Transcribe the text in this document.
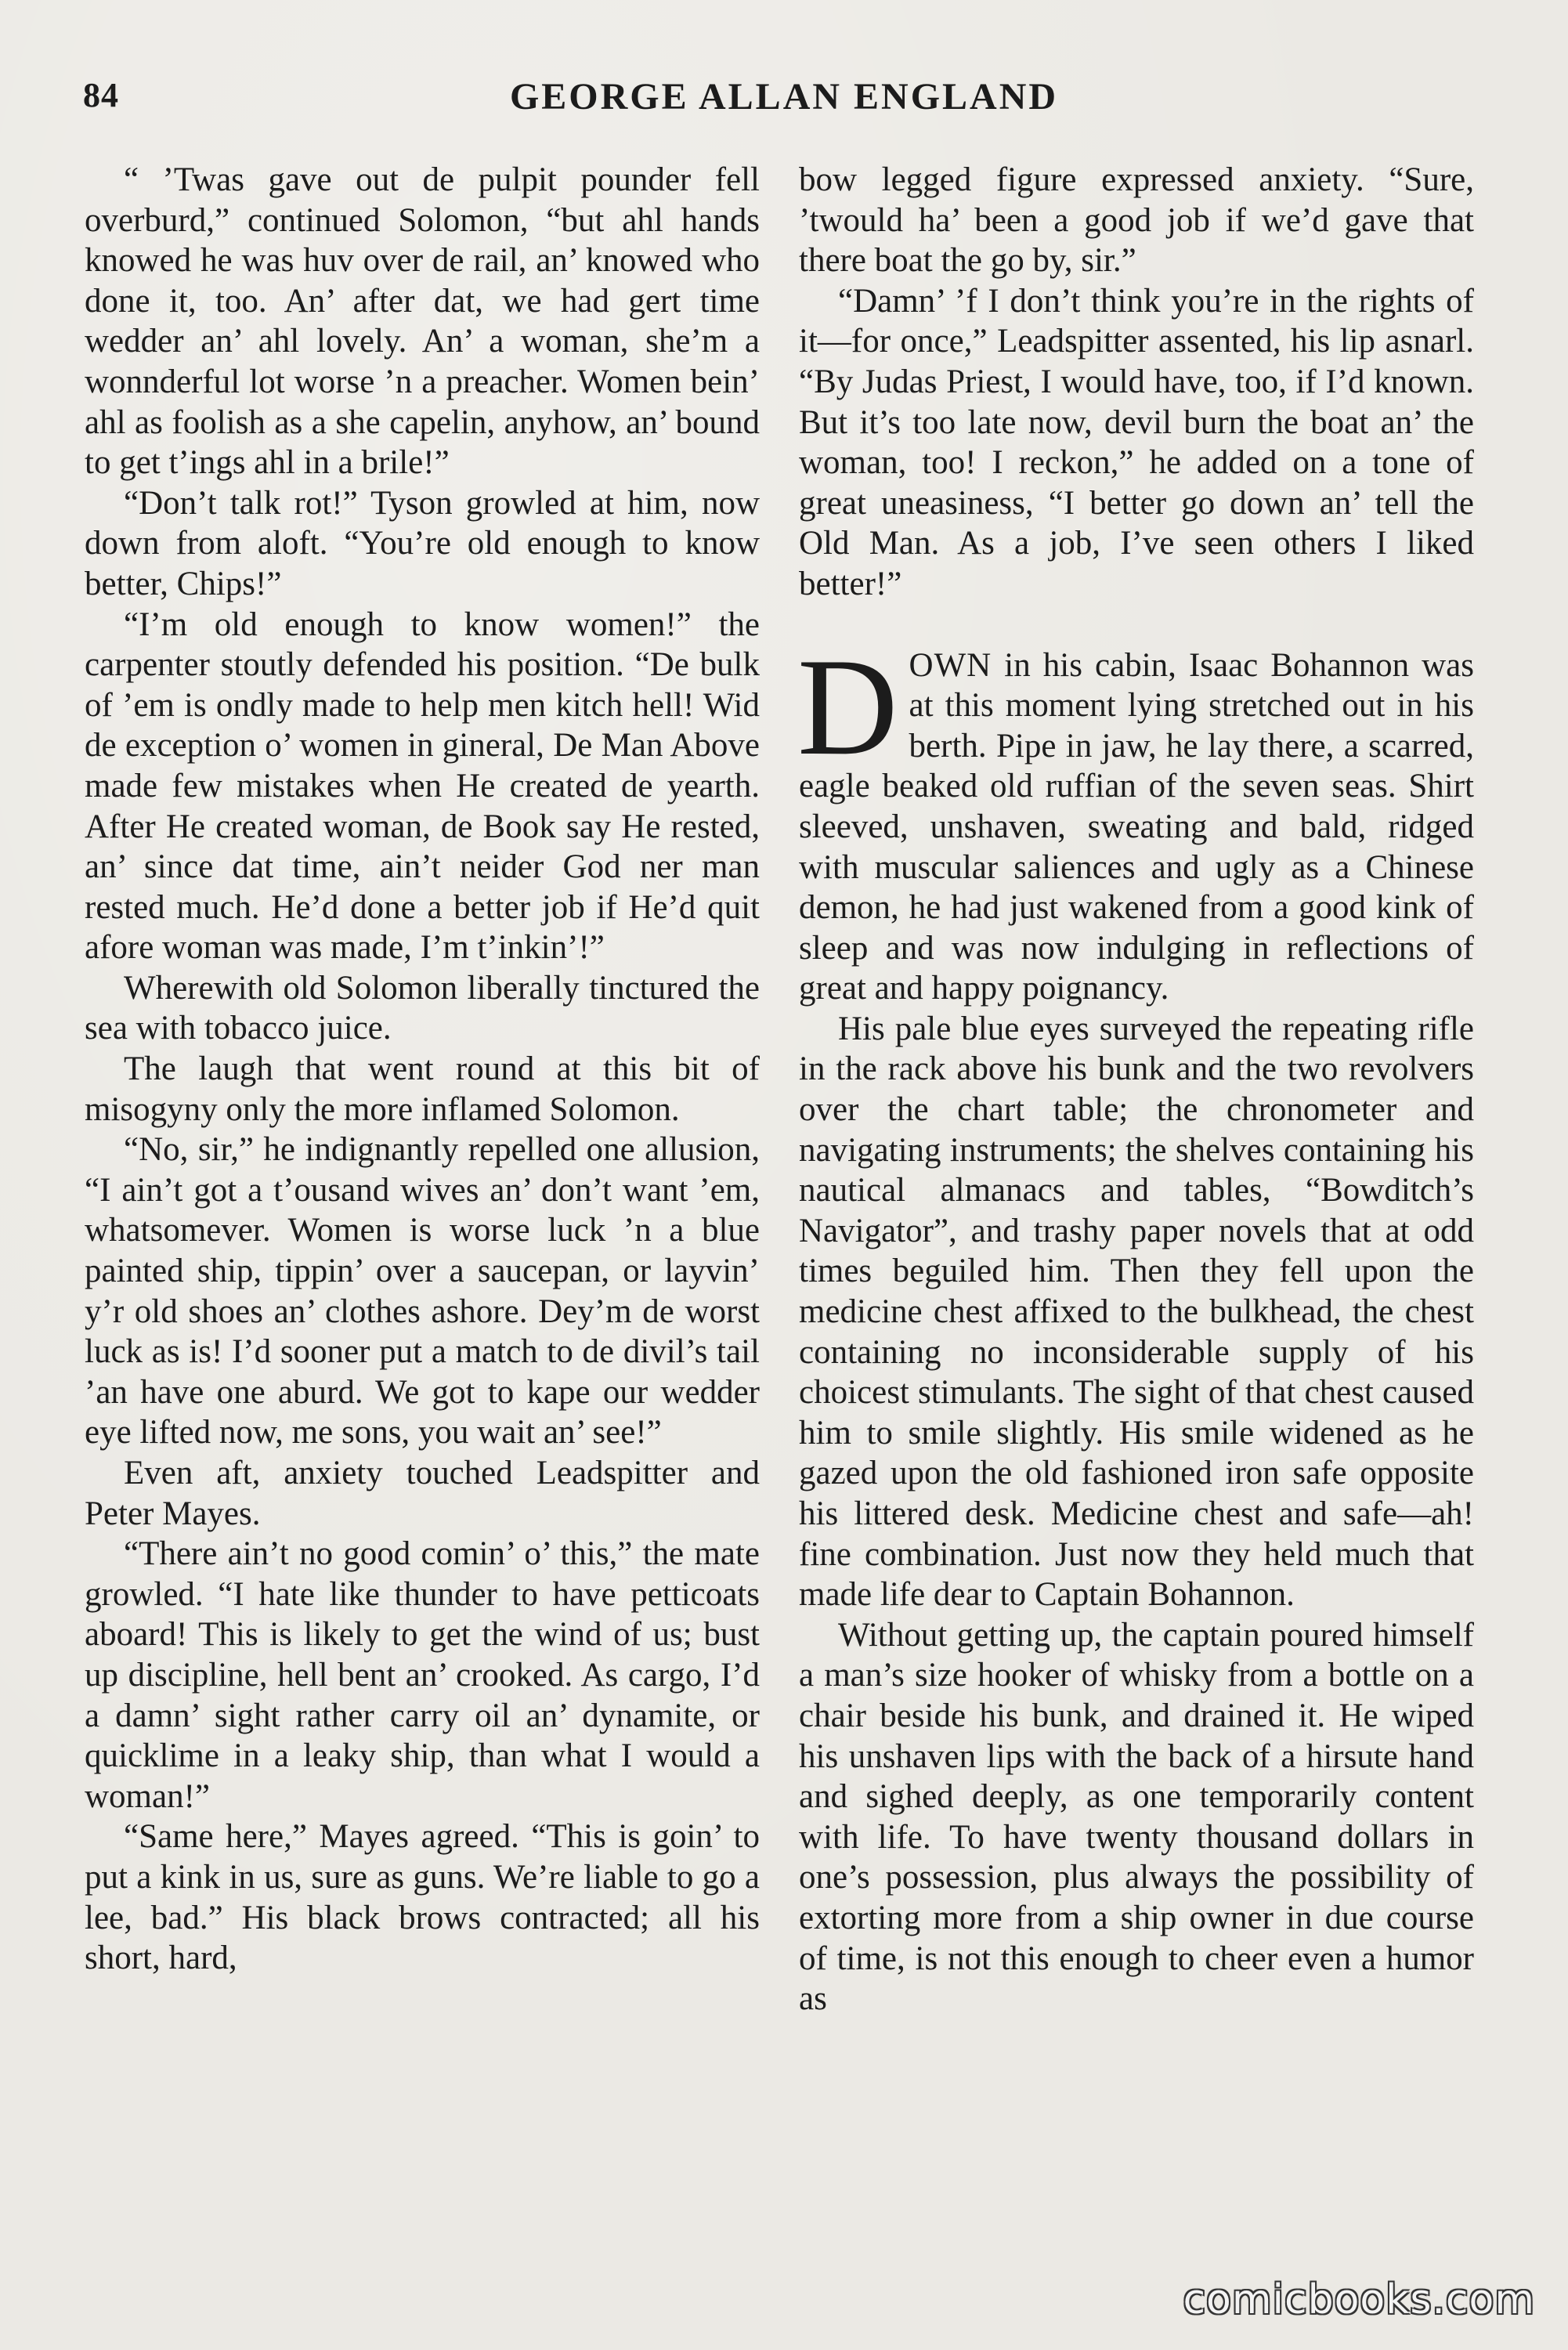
84	GEORGE ALLAN ENGLAND

“ ’Twas gave out de pulpit pounder fell overburd,” continued Solomon, “but ahl hands knowed he was huv over de rail, an’ knowed who done it, too. An’ after dat, we had gert time wedder an’ ahl lovely. An’ a woman, she’m a wonnderful lot worse ’n a preacher. Women bein’ ahl as foolish as a she capelin, anyhow, an’ bound to get t’ings ahl in a brile!”

“Don’t talk rot!” Tyson growled at him, now down from aloft. “You’re old enough to know better, Chips!”

“I’m old enough to know women!” the carpenter stoutly defended his position. “De bulk of ’em is ondly made to help men kitch hell! Wid de exception o’ women in gineral, De Man Above made few mistakes when He created de yearth. After He created woman, de Book say He rested, an’ since dat time, ain’t neider God ner man rested much. He’d done a better job if He’d quit afore woman was made, I’m t’inkin’!”

Wherewith old Solomon liberally tinctured the sea with tobacco juice.

The laugh that went round at this bit of misogyny only the more inflamed Solomon.

“No, sir,” he indignantly repelled one allusion, “I ain’t got a t’ousand wives an’ don’t want ’em, whatsomever. Women is worse luck ’n a blue painted ship, tippin’ over a saucepan, or layvin’ y’r old shoes an’ clothes ashore. Dey’m de worst luck as is! I’d sooner put a match to de divil’s tail ’an have one aburd. We got to kape our wedder eye lifted now, me sons, you wait an’ see!”

Even aft, anxiety touched Leadspitter and Peter Mayes.

“There ain’t no good comin’ o’ this,” the mate growled. “I hate like thunder to have petticoats aboard! This is likely to get the wind of us; bust up discipline, hell bent an’ crooked. As cargo, I’d a damn’ sight rather carry oil an’ dynamite, or quicklime in a leaky ship, than what I would a woman!”

“Same here,” Mayes agreed. “This is goin’ to put a kink in us, sure as guns. We’re liable to go a lee, bad.” His black brows contracted; all his short, hard,

bow legged figure expressed anxiety. “Sure, ’twould ha’ been a good job if we’d gave that there boat the go by, sir.”

“Damn’ ’f I don’t think you’re in the rights of it—for once,” Leadspitter assented, his lip asnarl. “By Judas Priest, I would have, too, if I’d known. But it’s too late now, devil burn the boat an’ the woman, too! I reckon,” he added on a tone of great uneasiness, “I better go down an’ tell the Old Man. As a job, I’ve seen others I liked better!”

DOWN in his cabin, Isaac Bohannon was at this moment lying stretched out in his berth. Pipe in jaw, he lay there, a scarred, eagle beaked old ruffian of the seven seas. Shirt sleeved, unshaven, sweating and bald, ridged with muscular saliences and ugly as a Chinese demon, he had just wakened from a good kink of sleep and was now indulging in reflections of great and happy poignancy.

His pale blue eyes surveyed the repeating rifle in the rack above his bunk and the two revolvers over the chart table; the chronometer and navigating instruments; the shelves containing his nautical almanacs and tables, “Bowditch’s Navigator”, and trashy paper novels that at odd times beguiled him. Then they fell upon the medicine chest affixed to the bulkhead, the chest containing no inconsiderable supply of his choicest stimulants. The sight of that chest caused him to smile slightly. His smile widened as he gazed upon the old fashioned iron safe opposite his littered desk. Medicine chest and safe—ah! fine combination. Just now they held much that made life dear to Captain Bohannon.

Without getting up, the captain poured himself a man’s size hooker of whisky from a bottle on a chair beside his bunk, and drained it. He wiped his unshaven lips with the back of a hirsute hand and sighed deeply, as one temporarily content with life. To have twenty thousand dollars in one’s possession, plus always the possibility of extorting more from a ship owner in due course of time, is not this enough to cheer even a humor as

comicbooks.com
